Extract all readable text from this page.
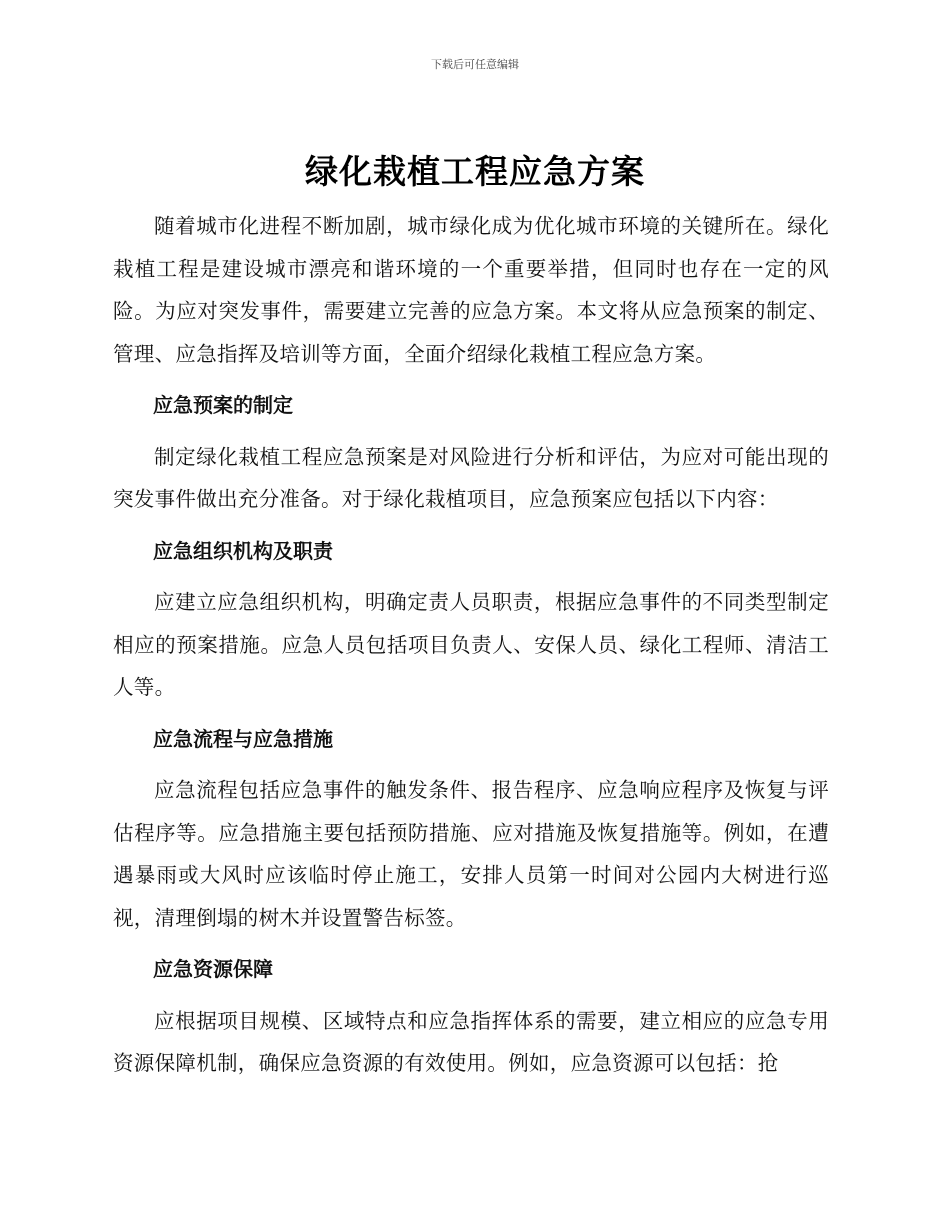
下载后可任意编辑
绿化栽植工程应急方案

随着城市化进程不断加剧，城市绿化成为优化城市环境的关键所在。绿化栽植工程是建设城市漂亮和谐环境的一个重要举措，但同时也存在一定的风险。为应对突发事件，需要建立完善的应急方案。本文将从应急预案的制定、管理、应急指挥及培训等方面，全面介绍绿化栽植工程应急方案。

应急预案的制定

制定绿化栽植工程应急预案是对风险进行分析和评估，为应对可能出现的突发事件做出充分准备。对于绿化栽植项目，应急预案应包括以下内容：

应急组织机构及职责

应建立应急组织机构，明确定责人员职责，根据应急事件的不同类型制定相应的预案措施。应急人员包括项目负责人、安保人员、绿化工程师、清洁工人等。

应急流程与应急措施

应急流程包括应急事件的触发条件、报告程序、应急响应程序及恢复与评估程序等。应急措施主要包括预防措施、应对措施及恢复措施等。例如，在遭遇暴雨或大风时应该临时停止施工，安排人员第一时间对公园内大树进行巡视，清理倒塌的树木并设置警告标签。

应急资源保障

应根据项目规模、区域特点和应急指挥体系的需要，建立相应的应急专用资源保障机制，确保应急资源的有效使用。例如，应急资源可以包括：抢
